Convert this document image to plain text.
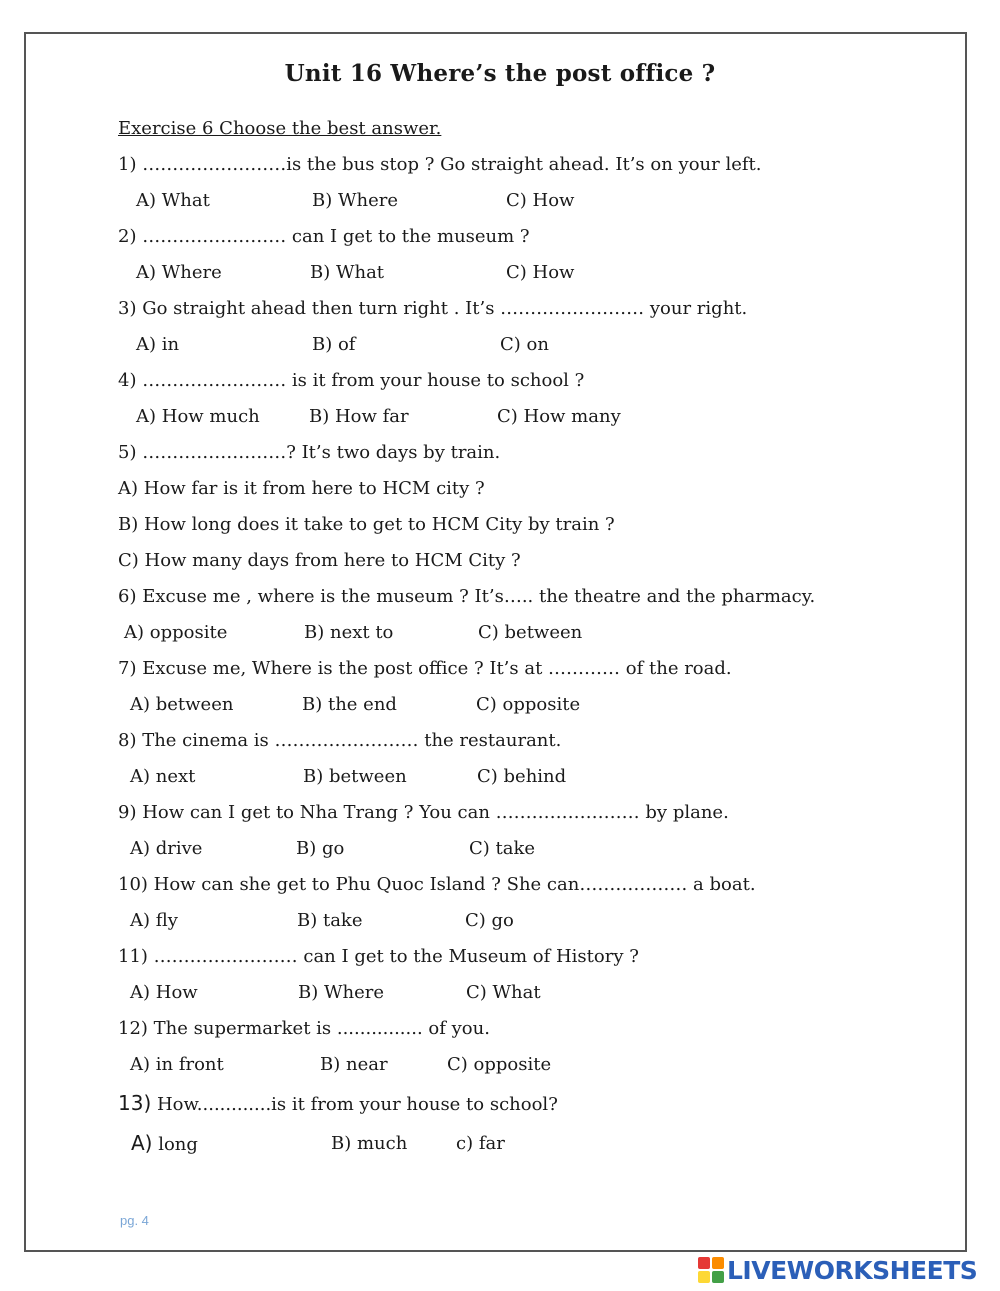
Unit 16 Where’s the post office ?
Exercise 6 Choose the best answer.
1) ……………………is the bus stop ? Go straight ahead. It’s on your left.
A) What	B) Where	C) How
2) …………………… can I get to the museum ?
A) Where	B) What	C) How
3) Go straight ahead then turn right . It’s …………………… your right.
A) in	B) of	C) on
4) …………………… is it from your house to school ?
A) How much	B) How far	C) How many
5) ……………………? It’s two days by train.
A) How far is it from here to HCM city ?
B) How long does it take to get to HCM City by train ?
C) How many days from here to HCM City ?
6) Excuse me , where is the museum ? It’s….. the theatre and the pharmacy.
A) opposite	B) next to	C) between
7) Excuse me, Where is the post office ? It’s at ………… of the road.
A) between	B) the end	C) opposite
8) The cinema is …………………… the restaurant.
A) next	B) between	C) behind
9) How can I get to Nha Trang ? You can …………………… by plane.
A) drive	B) go	C) take
10) How can she get to Phu Quoc Island ? She can……………… a boat.
A) fly	B) take	C) go
11) …………………… can I get to the Museum of History ?
A) How	B) Where	C) What
12) The supermarket is ............... of you.
A) in front	B) near	C) opposite
13) How.............is it from your house to school?
A) long	B) much	c) far
pg. 4
LIVEWORKSHEETS
